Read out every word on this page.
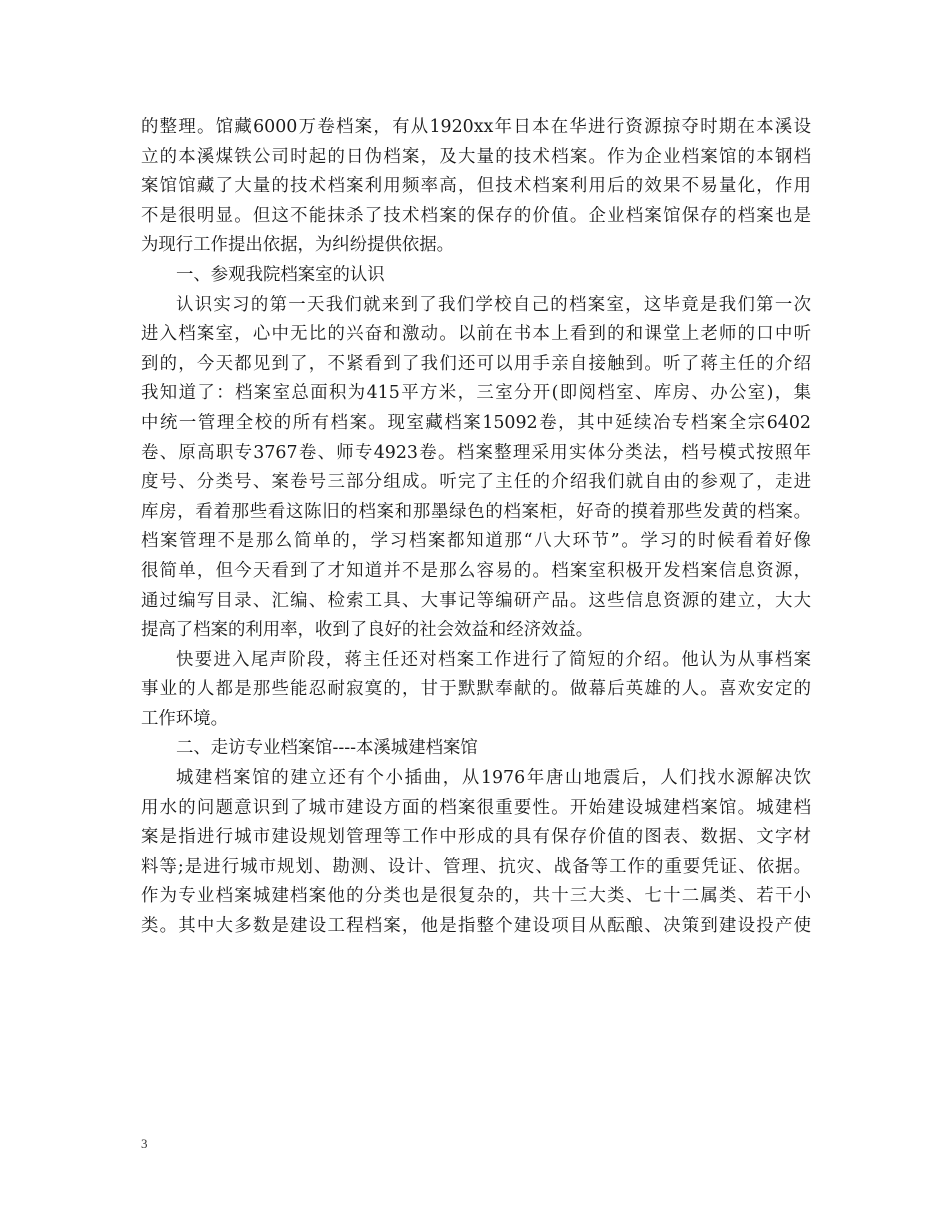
的整理。馆藏6000万卷档案，有从1920xx年日本在华进行资源掠夺时期在本溪设
立的本溪煤铁公司时起的日伪档案，及大量的技术档案。作为企业档案馆的本钢档
案馆馆藏了大量的技术档案利用频率高，但技术档案利用后的效果不易量化，作用
不是很明显。但这不能抹杀了技术档案的保存的价值。企业档案馆保存的档案也是
为现行工作提出依据，为纠纷提供依据。
一、参观我院档案室的认识
认识实习的第一天我们就来到了我们学校自己的档案室，这毕竟是我们第一次
进入档案室，心中无比的兴奋和激动。以前在书本上看到的和课堂上老师的口中听
到的，今天都见到了，不紧看到了我们还可以用手亲自接触到。听了蒋主任的介绍
我知道了：档案室总面积为415平方米，三室分开(即阅档室、库房、办公室)，集
中统一管理全校的所有档案。现室藏档案15092卷，其中延续冶专档案全宗6402
卷、原高职专3767卷、师专4923卷。档案整理采用实体分类法，档号模式按照年
度号、分类号、案卷号三部分组成。听完了主任的介绍我们就自由的参观了，走进
库房，看着那些看这陈旧的档案和那墨绿色的档案柜，好奇的摸着那些发黄的档案。
档案管理不是那么简单的，学习档案都知道那“八大环节”。学习的时候看着好像
很简单，但今天看到了才知道并不是那么容易的。档案室积极开发档案信息资源，
通过编写目录、汇编、检索工具、大事记等编研产品。这些信息资源的建立，大大
提高了档案的利用率，收到了良好的社会效益和经济效益。
快要进入尾声阶段，蒋主任还对档案工作进行了简短的介绍。他认为从事档案
事业的人都是那些能忍耐寂寞的，甘于默默奉献的。做幕后英雄的人。喜欢安定的
工作环境。
二、走访专业档案馆----本溪城建档案馆
城建档案馆的建立还有个小插曲，从1976年唐山地震后，人们找水源解决饮
用水的问题意识到了城市建设方面的档案很重要性。开始建设城建档案馆。城建档
案是指进行城市建设规划管理等工作中形成的具有保存价值的图表、数据、文字材
料等;是进行城市规划、勘测、设计、管理、抗灾、战备等工作的重要凭证、依据。
作为专业档案城建档案他的分类也是很复杂的，共十三大类、七十二属类、若干小
类。其中大多数是建设工程档案，他是指整个建设项目从酝酿、决策到建设投产使
3
